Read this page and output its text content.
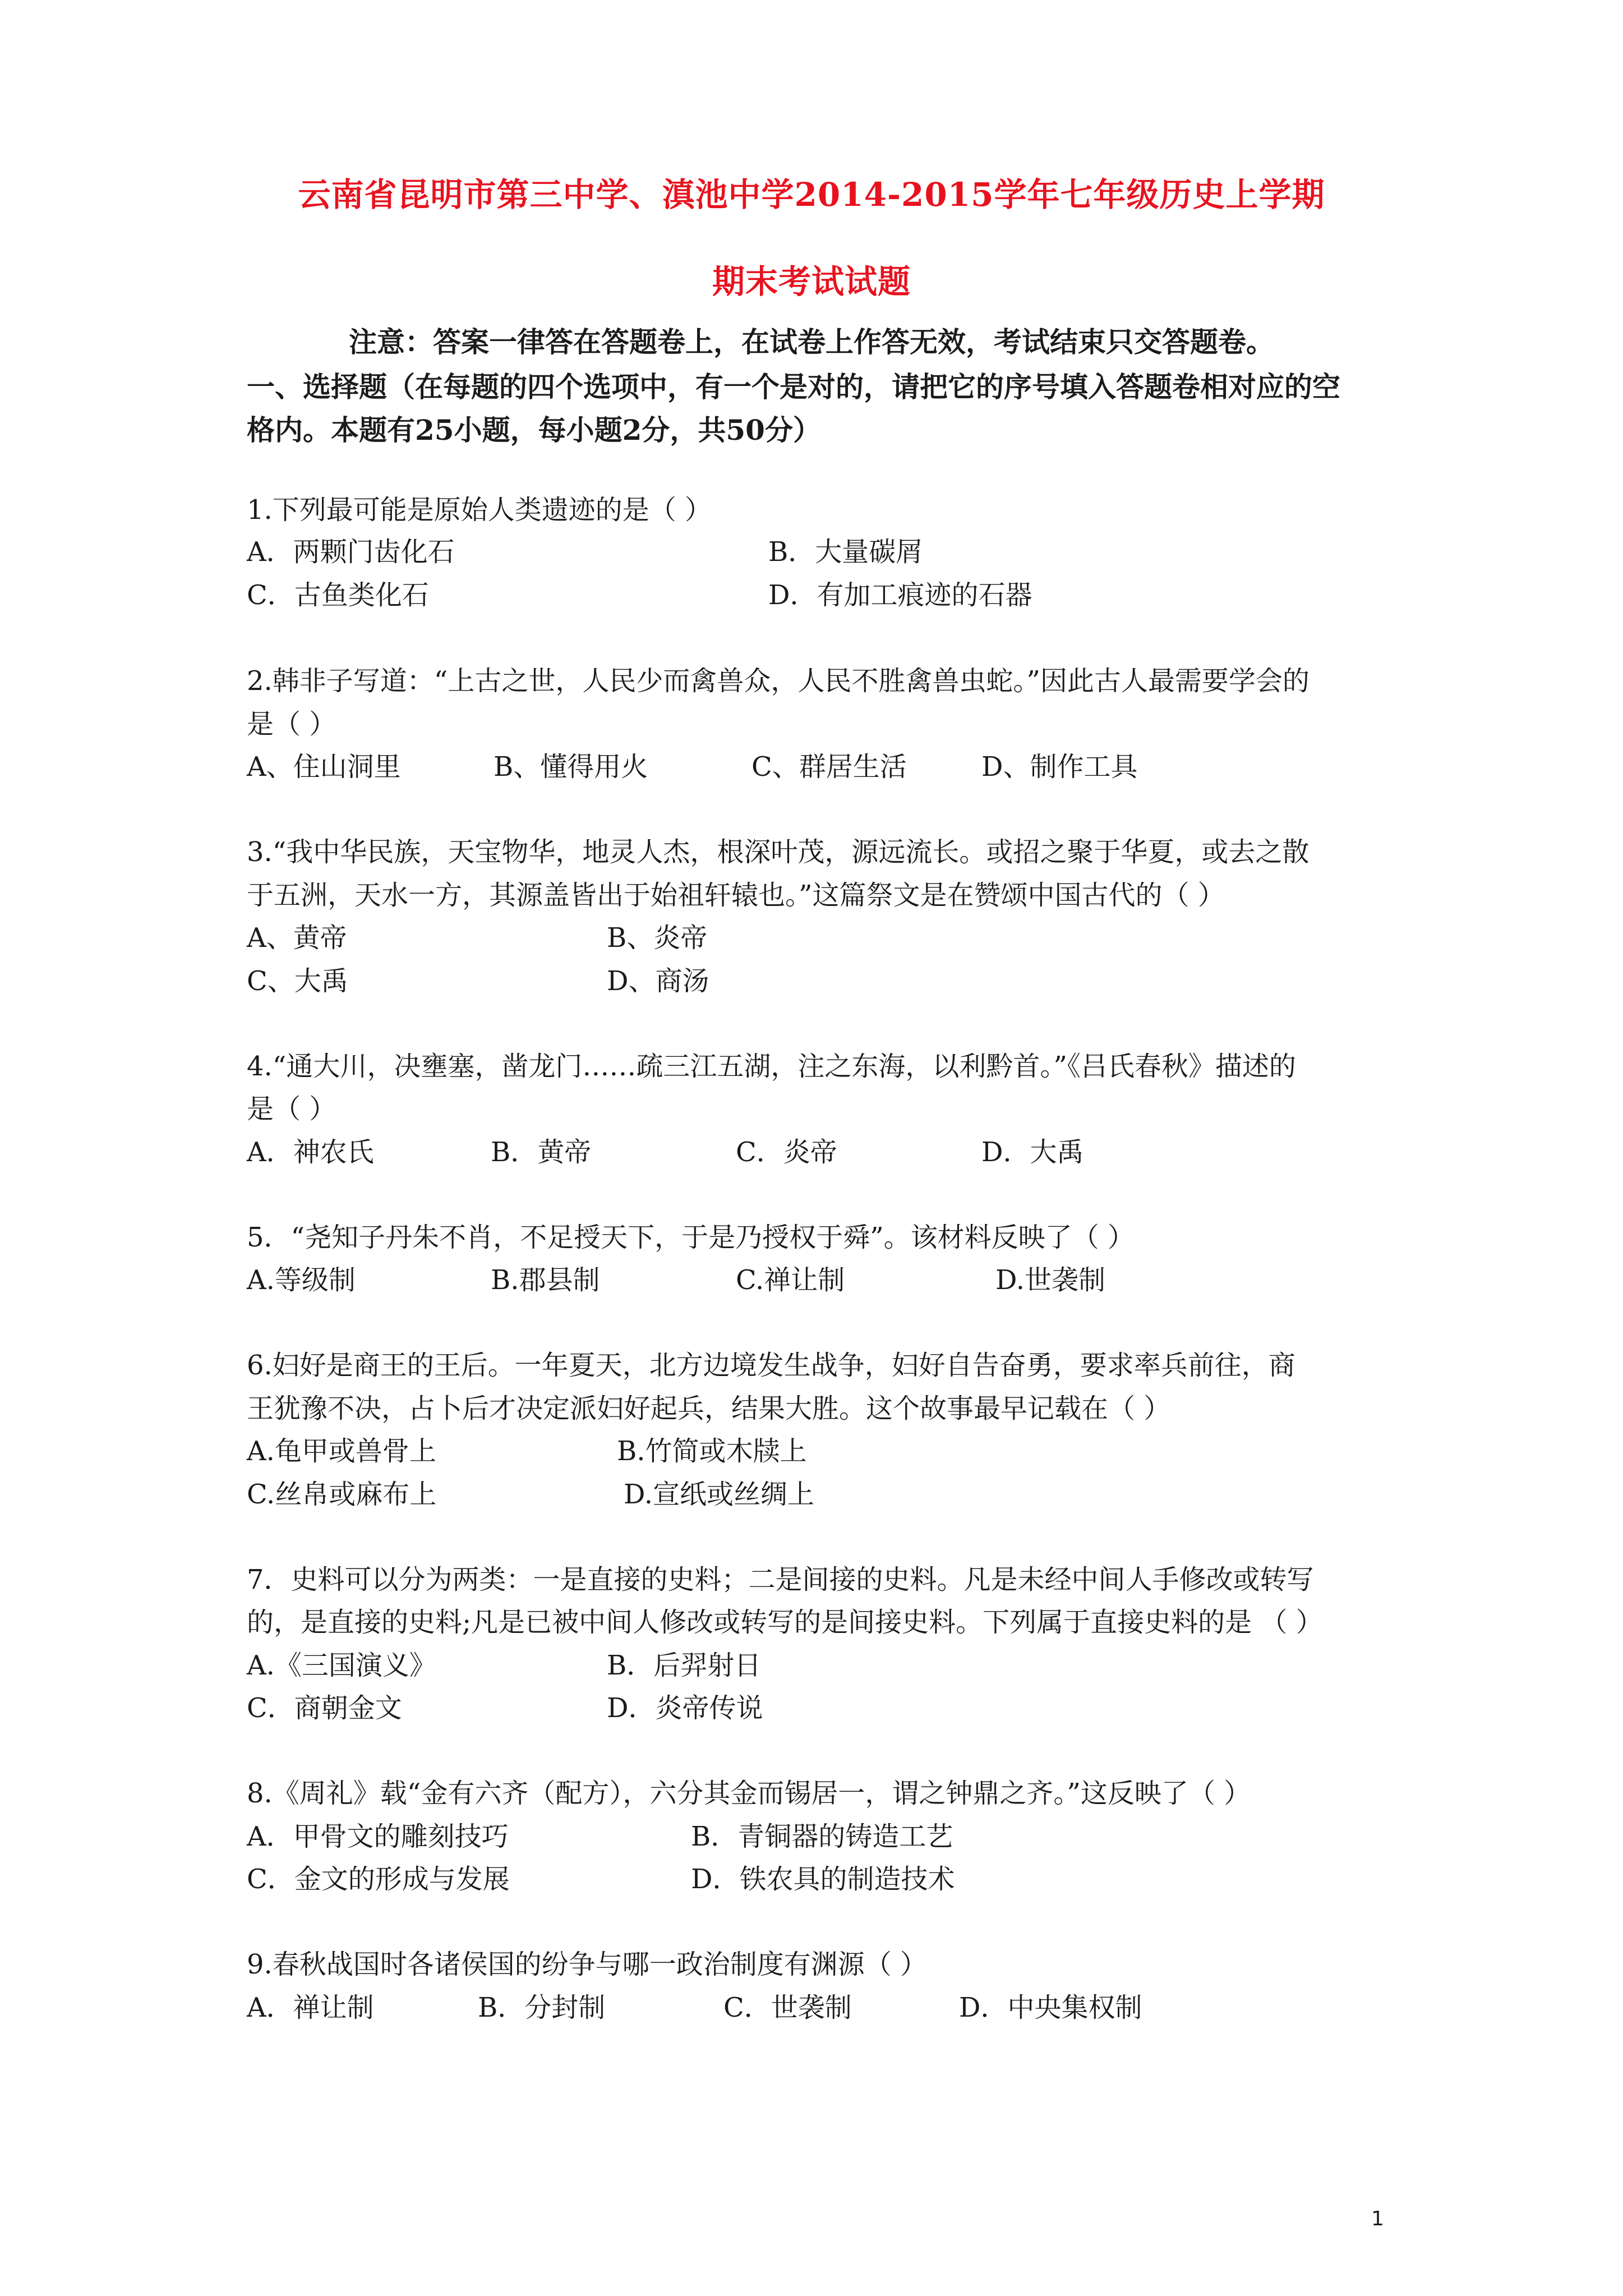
云南省昆明市第三中学、滇池中学2014-2015学年七年级历史上学期
期末考试试题
注意：答案一律答在答题卷上，在试卷上作答无效，考试结束只交答题卷。
一、选择题（在每题的四个选项中，有一个是对的，请把它的序号填入答题卷相对应的空
格内。本题有25小题，每小题2分，共50分）
1.下列最可能是原始人类遗迹的是（ ）
A．两颗门齿化石	B．大量碳屑
C．古鱼类化石	D．有加工痕迹的石器
2.韩非子写道：“上古之世，人民少而禽兽众，人民不胜禽兽虫蛇。”因此古人最需要学会的
是（ ）
A、住山洞里	B、懂得用火	C、群居生活	D、制作工具
3.“我中华民族，天宝物华，地灵人杰，根深叶茂，源远流长。或招之聚于华夏，或去之散
于五洲，天水一方，其源盖皆出于始祖轩辕也。”这篇祭文是在赞颂中国古代的（ ）
A、黄帝	B、炎帝
C、大禹	D、商汤
4.“通大川，决壅塞，凿龙门……疏三江五湖，注之东海，以利黔首。”《吕氏春秋》描述的
是（ ）
A．神农氏	B．黄帝	C．炎帝	D．大禹
5．“尧知子丹朱不肖，不足授天下，于是乃授权于舜”。该材料反映了（ ）
A.等级制	B.郡县制	C.禅让制	D.世袭制
6.妇好是商王的王后。一年夏天，北方边境发生战争，妇好自告奋勇，要求率兵前往，商
王犹豫不决，占卜后才决定派妇好起兵，结果大胜。这个故事最早记载在（ ）
A.龟甲或兽骨上	B.竹简或木牍上
C.丝帛或麻布上	D.宣纸或丝绸上
7．史料可以分为两类：一是直接的史料；二是间接的史料。凡是未经中间人手修改或转写
的，是直接的史料;凡是已被中间人修改或转写的是间接史料。下列属于直接史料的是 （ ）
A.《三国演义》	B．后羿射日
C．商朝金文	D．炎帝传说
8.《周礼》载“金有六齐（配方），六分其金而锡居一，谓之钟鼎之齐。”这反映了（ ）
A．甲骨文的雕刻技巧	B．青铜器的铸造工艺
C．金文的形成与发展	D．铁农具的制造技术
9.春秋战国时各诸侯国的纷争与哪一政治制度有渊源（ ）
A．禅让制	B．分封制	C．世袭制	D．中央集权制
1
